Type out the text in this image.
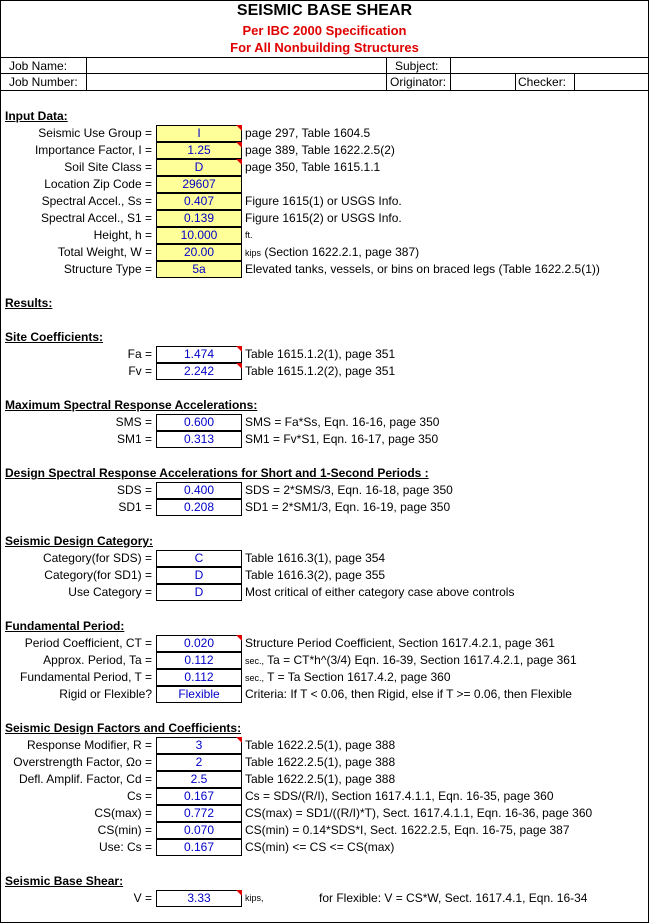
SEISMIC BASE SHEAR
Per IBC 2000 Specification
For All Nonbuilding Structures
Job Name:	Subject:
Job Number:	Originator:	Checker:
Input Data:
Seismic Use Group =	I	page 297, Table 1604.5
Importance Factor, I =	1.25	page 389, Table 1622.2.5(2)
Soil Site Class =	D	page 350, Table 1615.1.1
Location Zip Code =	29607
Spectral Accel., Ss =	0.407	Figure 1615(1) or USGS Info.
Spectral Accel., S1 =	0.139	Figure 1615(2) or USGS Info.
Height, h =	10.000	ft.
Total Weight, W =	20.00	kips (Section 1622.2.1, page 387)
Structure Type =	5a	Elevated tanks, vessels, or bins on braced legs (Table 1622.2.5(1))
Results:
Site Coefficients:
Fa =	1.474	Table 1615.1.2(1), page 351
Fv =	2.242	Table 1615.1.2(2), page 351
Maximum Spectral Response Accelerations:
SMS =	0.600	SMS = Fa*Ss, Eqn. 16-16, page 350
SM1 =	0.313	SM1 = Fv*S1, Eqn. 16-17, page 350
Design Spectral Response Accelerations for Short and 1-Second Periods :
SDS =	0.400	SDS = 2*SMS/3, Eqn. 16-18, page 350
SD1 =	0.208	SD1 = 2*SM1/3, Eqn. 16-19, page 350
Seismic Design Category:
Category(for SDS) =	C	Table 1616.3(1), page 354
Category(for SD1) =	D	Table 1616.3(2), page 355
Use Category =	D	Most critical of either category case above controls
Fundamental Period:
Period Coefficient, CT =	0.020	Structure Period Coefficient, Section 1617.4.2.1, page 361
Approx. Period, Ta =	0.112	sec., Ta = CT*h^(3/4) Eqn. 16-39, Section 1617.4.2.1, page 361
Fundamental Period, T =	0.112	sec., T = Ta Section 1617.4.2, page 360
Rigid or Flexible?	Flexible	Criteria: If T < 0.06, then Rigid, else if T >= 0.06, then Flexible
Seismic Design Factors and Coefficients:
Response Modifier, R =	3	Table 1622.2.5(1), page 388
Overstrength Factor, Ωo =	2	Table 1622.2.5(1), page 388
Defl. Amplif. Factor, Cd =	2.5	Table 1622.2.5(1), page 388
Cs =	0.167	Cs = SDS/(R/I), Section 1617.4.1.1, Eqn. 16-35, page 360
CS(max) =	0.772	CS(max) = SD1/((R/I)*T), Sect. 1617.4.1.1, Eqn. 16-36, page 360
CS(min) =	0.070	CS(min) = 0.14*SDS*I, Sect. 1622.2.5, Eqn. 16-75, page 387
Use: Cs =	0.167	CS(min) <= CS <= CS(max)
Seismic Base Shear:
V =	3.33	kips,	for Flexible: V = CS*W, Sect. 1617.4.1, Eqn. 16-34
